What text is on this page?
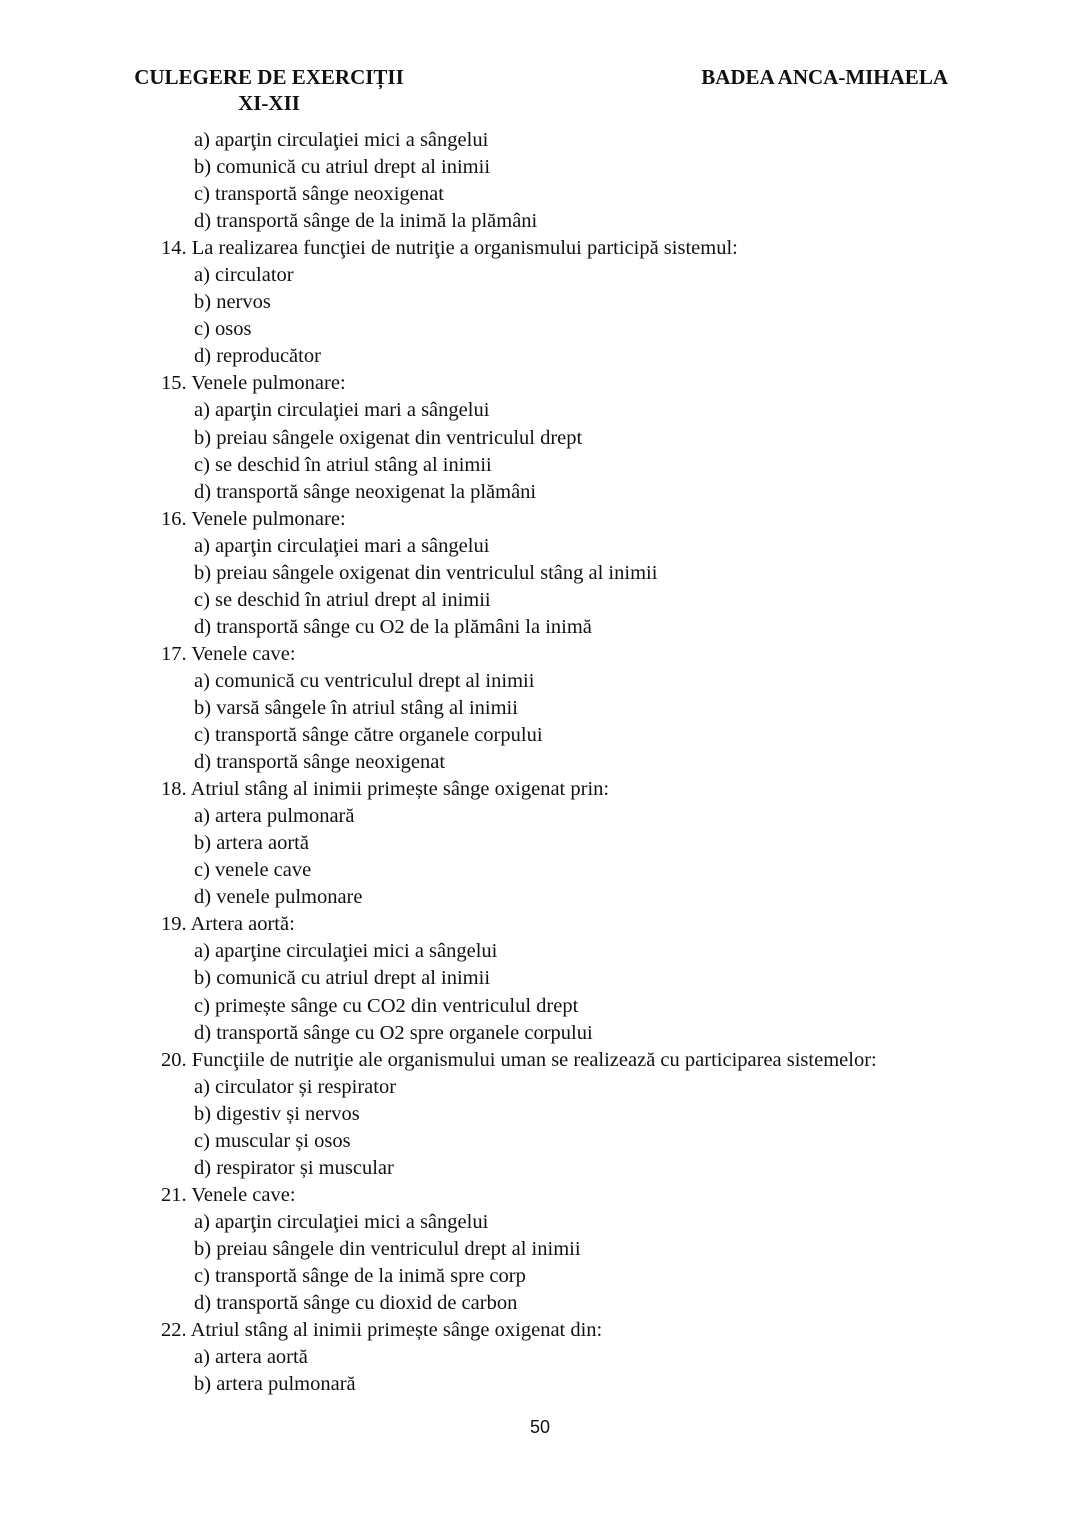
CULEGERE DE EXERCIȚII
XI-XII
BADEA ANCA-MIHAELA
a) aparţin circulaţiei mici a sângelui
b) comunică cu atriul drept al inimii
c) transportă sânge neoxigenat
d) transportă sânge de la inimă la plămâni
14. La realizarea funcţiei de nutriţie a organismului participă sistemul:
a) circulator
b) nervos
c) osos
d) reproducător
15. Venele pulmonare:
a) aparţin circulaţiei mari a sângelui
b) preiau sângele oxigenat din ventriculul drept
c) se deschid în atriul stâng al inimii
d) transportă sânge neoxigenat la plămâni
16. Venele pulmonare:
a) aparţin circulaţiei mari a sângelui
b) preiau sângele oxigenat din ventriculul stâng al inimii
c) se deschid în atriul drept al inimii
d) transportă sânge cu O2 de la plămâni la inimă
17. Venele cave:
a) comunică cu ventriculul drept al inimii
b) varsă sângele în atriul stâng al inimii
c) transportă sânge către organele corpului
d) transportă sânge neoxigenat
18. Atriul stâng al inimii primește sânge oxigenat prin:
a) artera pulmonară
b) artera aortă
c) venele cave
d) venele pulmonare
19. Artera aortă:
a) aparţine circulaţiei mici a sângelui
b) comunică cu atriul drept al inimii
c) primește sânge cu CO2 din ventriculul drept
d) transportă sânge cu O2 spre organele corpului
20. Funcţiile de nutriţie ale organismului uman se realizează cu participarea sistemelor:
a) circulator și respirator
b) digestiv și nervos
c) muscular și osos
d) respirator și muscular
21. Venele cave:
a) aparţin circulaţiei mici a sângelui
b) preiau sângele din ventriculul drept al inimii
c) transportă sânge de la inimă spre corp
d) transportă sânge cu dioxid de carbon
22. Atriul stâng al inimii primește sânge oxigenat din:
a) artera aortă
b) artera pulmonară
50
